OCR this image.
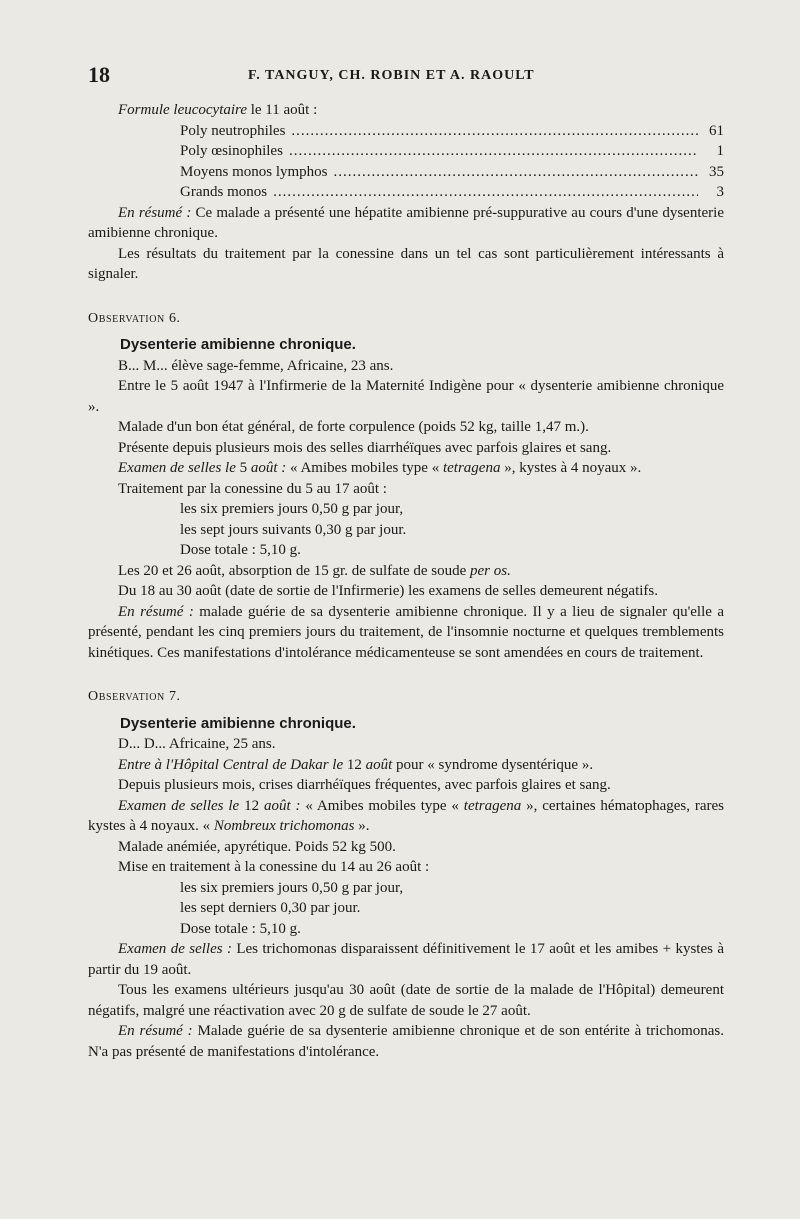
18	F. TANGUY, CH. ROBIN ET A. RAOULT

Formule leucocytaire le 11 août :

Poly neutrophiles .....	61
Poly œsinophiles .....	1
Moyens monos lymphos .....	35
Grands monos .....	3

En résumé : Ce malade a présenté une hépatite amibienne pré-suppurative au cours d'une dysenterie amibienne chronique.

Les résultats du traitement par la conessine dans un tel cas sont particulièrement intéressants à signaler.

Observation 6.
Dysenterie amibienne chronique.

B... M... élève sage-femme, Africaine, 23 ans.

Entre le 5 août 1947 à l'Infirmerie de la Maternité Indigène pour « dysenterie amibienne chronique ».

Malade d'un bon état général, de forte corpulence (poids 52 kg, taille 1,47 m.).

Présente depuis plusieurs mois des selles diarrhéïques avec parfois glaires et sang.

Examen de selles le 5 août : « Amibes mobiles type « tetragena », kystes à 4 noyaux ».

Traitement par la conessine du 5 au 17 août :

les six premiers jours 0,50 g par jour,

les sept jours suivants 0,30 g par jour.

Dose totale : 5,10 g.

Les 20 et 26 août, absorption de 15 gr. de sulfate de soude per os.

Du 18 au 30 août (date de sortie de l'Infirmerie) les examens de selles demeurent négatifs.

En résumé : malade guérie de sa dysenterie amibienne chronique. Il y a lieu de signaler qu'elle a présenté, pendant les cinq premiers jours du traitement, de l'insomnie nocturne et quelques tremblements kinétiques. Ces manifestations d'intolérance médicamenteuse se sont amendées en cours de traitement.

Observation 7.
Dysenterie amibienne chronique.

D... D... Africaine, 25 ans.

Entre à l'Hôpital Central de Dakar le 12 août pour « syndrome dysentérique ».

Depuis plusieurs mois, crises diarrhéïques fréquentes, avec parfois glaires et sang.

Examen de selles le 12 août : « Amibes mobiles type « tetragena », certaines hématophages, rares kystes à 4 noyaux. « Nombreux trichomonas ».

Malade anémiée, apyrétique. Poids 52 kg 500.

Mise en traitement à la conessine du 14 au 26 août :

les six premiers jours 0,50 g par jour,

les sept derniers 0,30 par jour.

Dose totale : 5,10 g.

Examen de selles : Les trichomonas disparaissent définitivement le 17 août et les amibes + kystes à partir du 19 août.

Tous les examens ultérieurs jusqu'au 30 août (date de sortie de la malade de l'Hôpital) demeurent négatifs, malgré une réactivation avec 20 g de sulfate de soude le 27 août.

En résumé : Malade guérie de sa dysenterie amibienne chronique et de son entérite à trichomonas. N'a pas présenté de manifestations d'intolérance.
